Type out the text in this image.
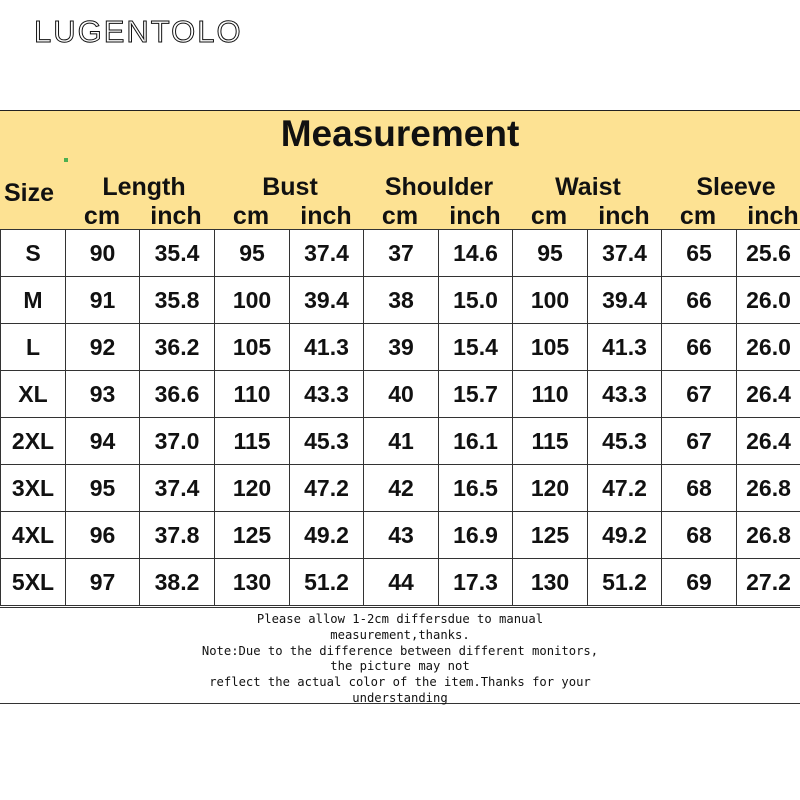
LUGENTOLO
Measurement
Size	Length	Bust	Shoulder	Waist	Sleeve
cm	inch	cm	inch	cm	inch	cm	inch	cm	inch
S	90	35.4	95	37.4	37	14.6	95	37.4	65	25.6
M	91	35.8	100	39.4	38	15.0	100	39.4	66	26.0
L	92	36.2	105	41.3	39	15.4	105	41.3	66	26.0
XL	93	36.6	110	43.3	40	15.7	110	43.3	67	26.4
2XL	94	37.0	115	45.3	41	16.1	115	45.3	67	26.4
3XL	95	37.4	120	47.2	42	16.5	120	47.2	68	26.8
4XL	96	37.8	125	49.2	43	16.9	125	49.2	68	26.8
5XL	97	38.2	130	51.2	44	17.3	130	51.2	69	27.2
Please allow 1-2cm differsdue to manual
measurement,thanks.
Note:Due to the difference between different monitors,
the picture may not
reflect the actual color of the item.Thanks for your
understanding
